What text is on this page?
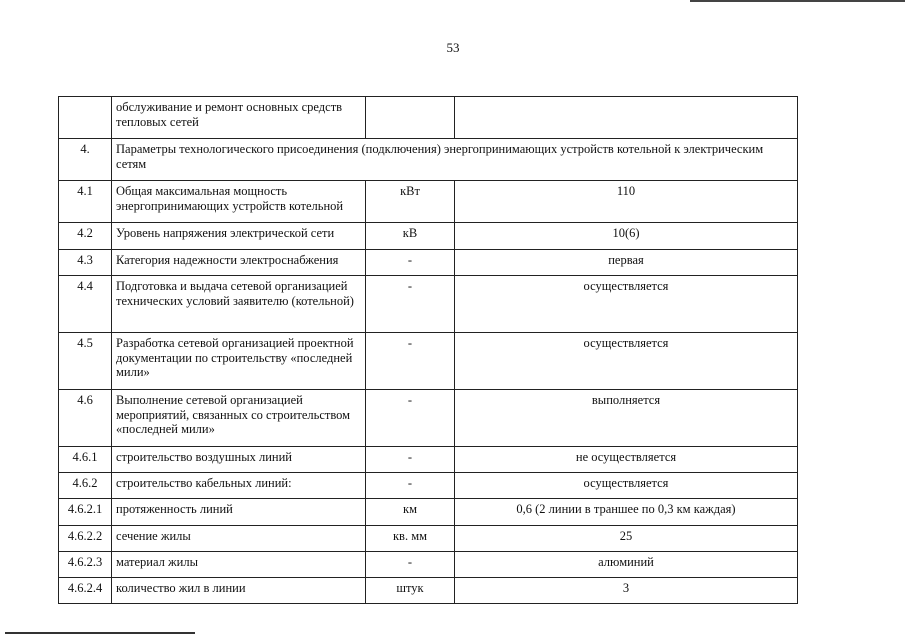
53
	обслуживание и ремонт основных средств тепловых сетей		
4.	Параметры технологического присоединения (подключения) энергопринимающих устройств котельной к электрическим сетям		
4.1	Общая максимальная мощность энергопринимающих устройств котельной	кВт	110
4.2	Уровень напряжения электрической сети	кВ	10(6)
4.3	Категория надежности электроснабжения	-	первая
4.4	Подготовка и выдача сетевой организацией технических условий заявителю (котельной)	-	осуществляется
4.5	Разработка сетевой организацией проектной документации по строительству «последней мили»	-	осуществляется
4.6	Выполнение сетевой организацией мероприятий, связанных со строительством «последней мили»	-	выполняется
4.6.1	строительство воздушных линий	-	не осуществляется
4.6.2	строительство кабельных линий:	-	осуществляется
4.6.2.1	протяженность линий	км	0,6 (2 линии в траншее по 0,3 км каждая)
4.6.2.2	сечение жилы	кв. мм	25
4.6.2.3	материал жилы	-	алюминий
4.6.2.4	количество жил в линии	штук	3
